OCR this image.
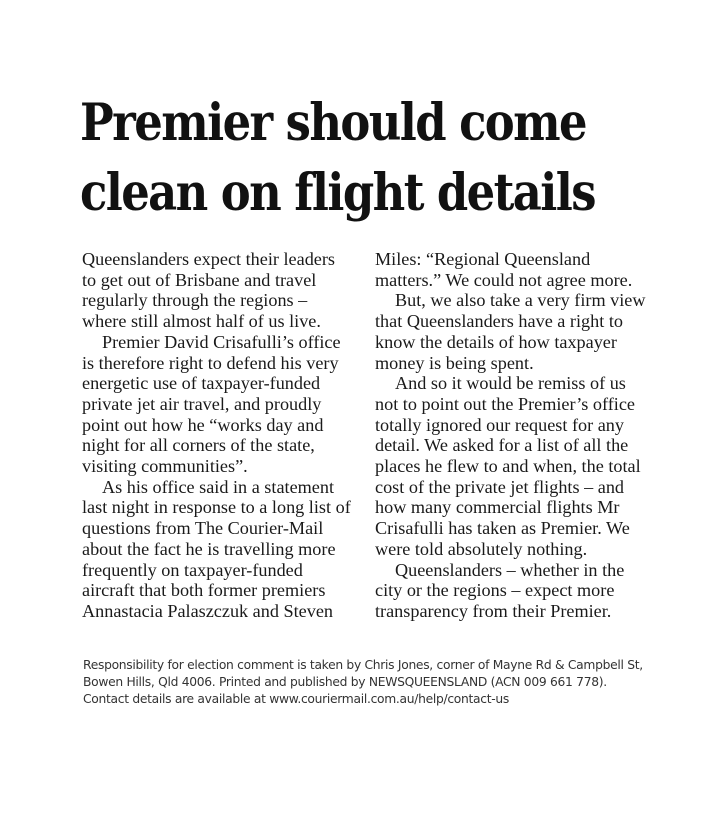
Premier should come
clean on flight details
Queenslanders expect their leaders
to get out of Brisbane and travel
regularly through the regions –
where still almost half of us live.
Premier David Crisafulli’s office
is therefore right to defend his very
energetic use of taxpayer-funded
private jet air travel, and proudly
point out how he “works day and
night for all corners of the state,
visiting communities”.
As his office said in a statement
last night in response to a long list of
questions from The Courier-Mail
about the fact he is travelling more
frequently on taxpayer-funded
aircraft that both former premiers
Annastacia Palaszczuk and Steven
Miles: “Regional Queensland
matters.” We could not agree more.
But, we also take a very firm view
that Queenslanders have a right to
know the details of how taxpayer
money is being spent.
And so it would be remiss of us
not to point out the Premier’s office
totally ignored our request for any
detail. We asked for a list of all the
places he flew to and when, the total
cost of the private jet flights – and
how many commercial flights Mr
Crisafulli has taken as Premier. We
were told absolutely nothing.
Queenslanders – whether in the
city or the regions – expect more
transparency from their Premier.
Responsibility for election comment is taken by Chris Jones, corner of Mayne Rd & Campbell St,
Bowen Hills, Qld 4006. Printed and published by NEWSQUEENSLAND (ACN 009 661 778).
Contact details are available at www.couriermail.com.au/help/contact-us
